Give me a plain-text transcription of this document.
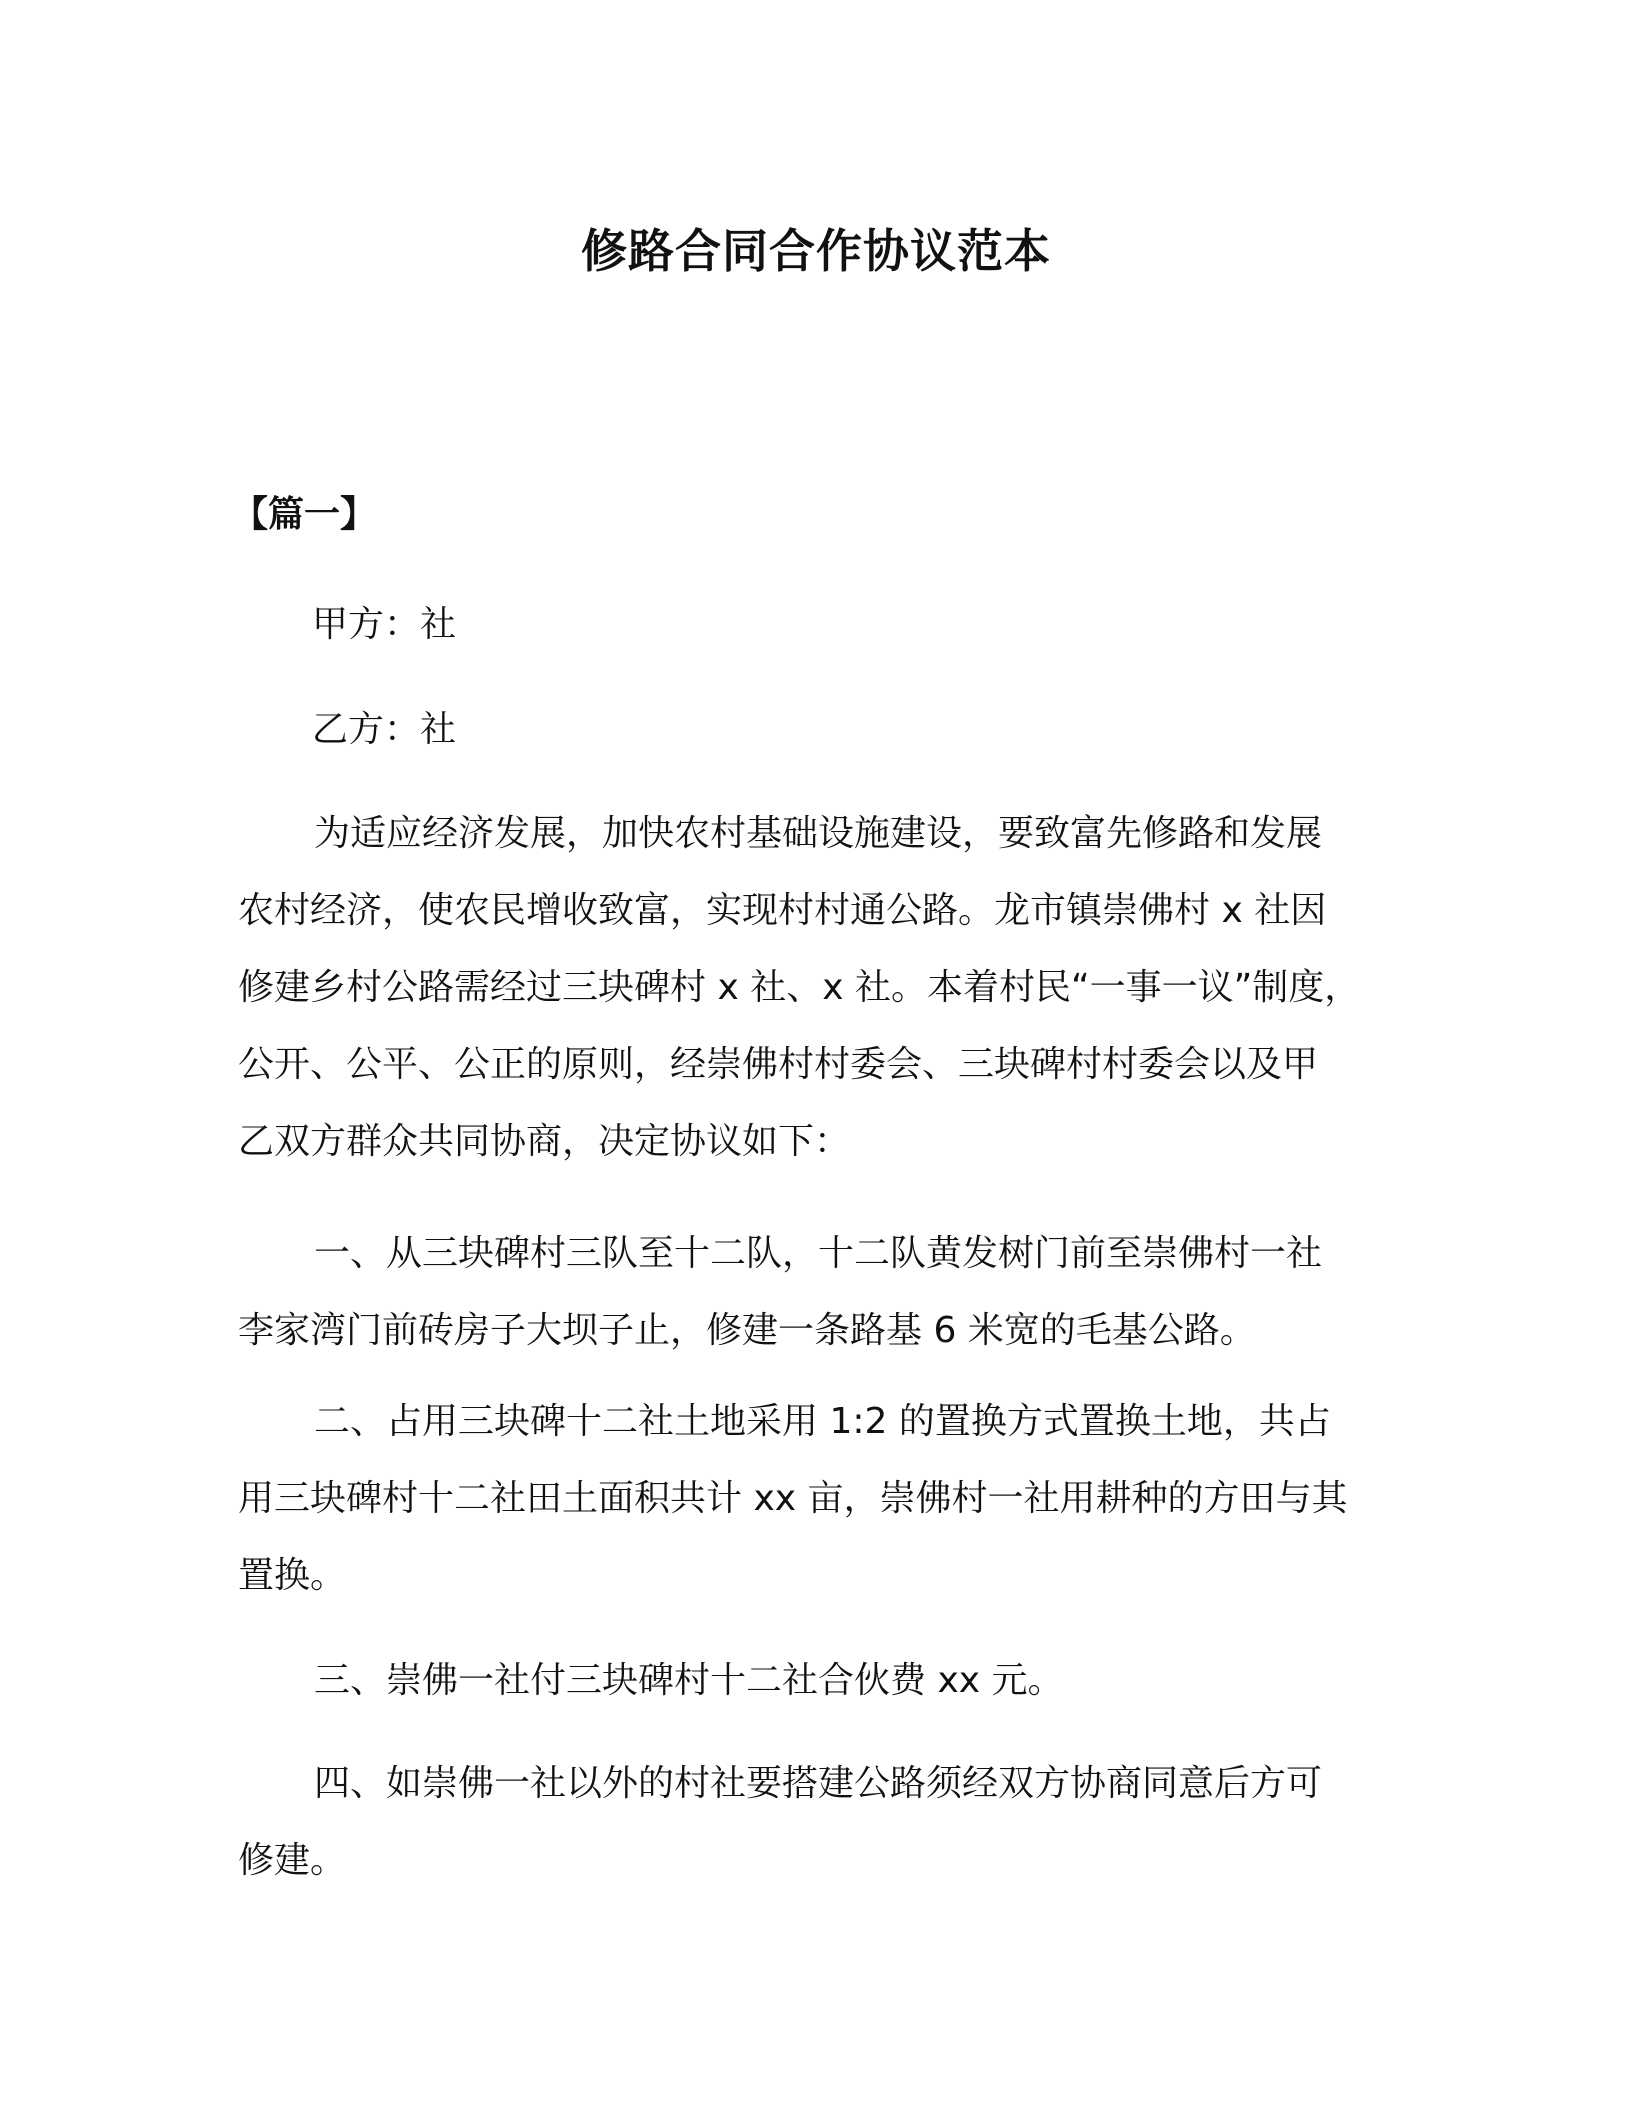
修路合同合作协议范本

【篇一】

甲方：社

乙方：社

为适应经济发展，加快农村基础设施建设，要致富先修路和发展
农村经济，使农民增收致富，实现村村通公路。龙市镇崇佛村 x 社因
修建乡村公路需经过三块碑村 x 社、x 社。本着村民“一事一议”制度，
公开、公平、公正的原则，经崇佛村村委会、三块碑村村委会以及甲
乙双方群众共同协商，决定协议如下：

一、从三块碑村三队至十二队，十二队黄发树门前至崇佛村一社
李家湾门前砖房子大坝子止，修建一条路基 6 米宽的毛基公路。

二、占用三块碑十二社土地采用 1:2 的置换方式置换土地，共占
用三块碑村十二社田土面积共计 xx 亩，崇佛村一社用耕种的方田与其
置换。

三、崇佛一社付三块碑村十二社合伙费 xx 元。

四、如崇佛一社以外的村社要搭建公路须经双方协商同意后方可
修建。
